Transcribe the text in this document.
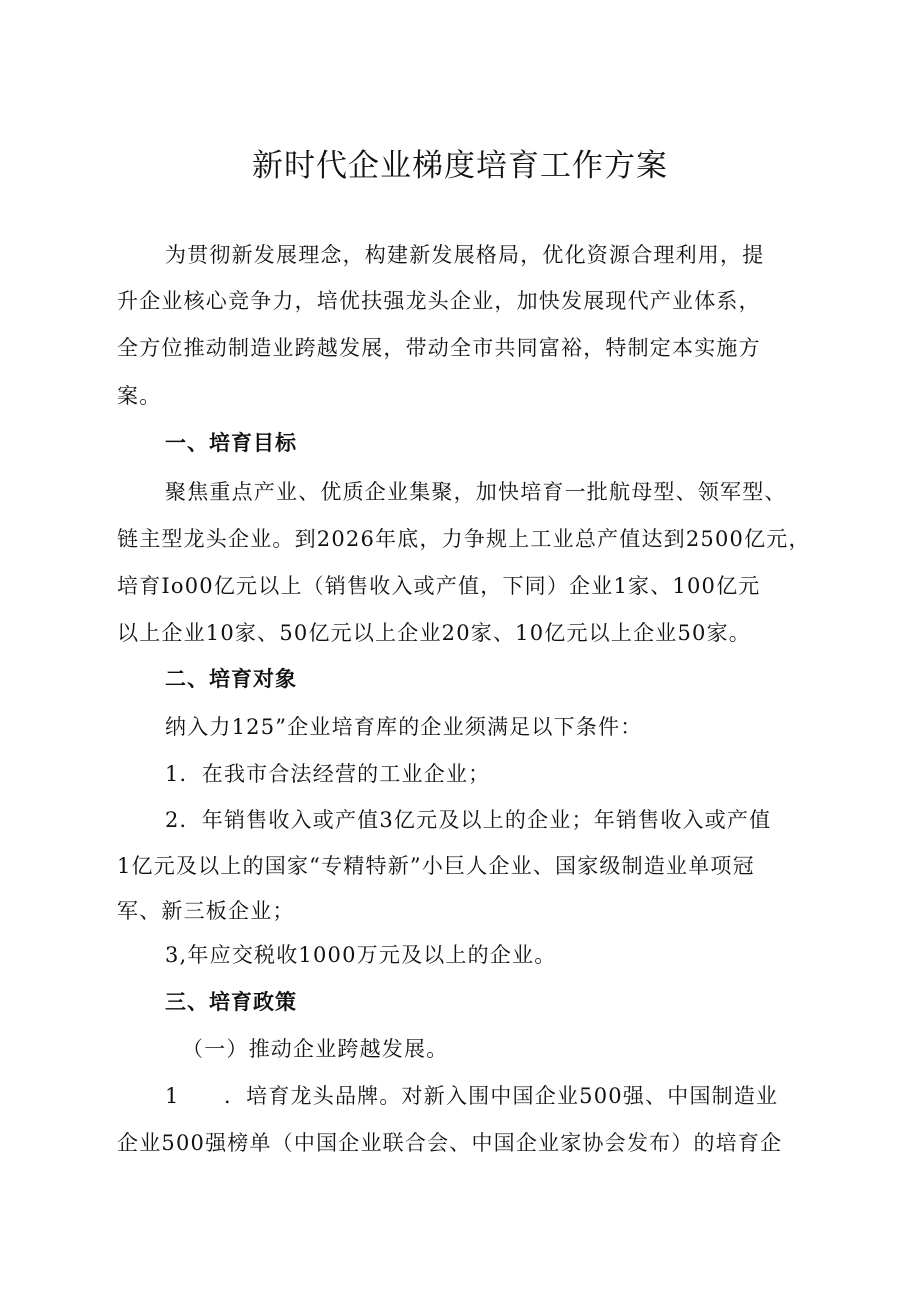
新时代企业梯度培育工作方案
为贯彻新发展理念，构建新发展格局，优化资源合理利用，提
升企业核心竞争力，培优扶强龙头企业，加快发展现代产业体系，
全方位推动制造业跨越发展，带动全市共同富裕，特制定本实施方
案。
一、培育目标
聚焦重点产业、优质企业集聚，加快培育一批航母型、领军型、
链主型龙头企业。到2026年底，力争规上工业总产值达到2500亿元，
培育Io00亿元以上（销售收入或产值，下同）企业1家、100亿元
以上企业10家、50亿元以上企业20家、10亿元以上企业50家。
二、培育对象
纳入力125”企业培育库的企业须满足以下条件：
1．在我市合法经营的工业企业；
2．年销售收入或产值3亿元及以上的企业；年销售收入或产值
1亿元及以上的国家“专精特新”小巨人企业、国家级制造业单项冠
军、新三板企业；
3,年应交税收1000万元及以上的企业。
三、培育政策
（一）推动企业跨越发展。
1　　．培育龙头品牌。对新入围中国企业500强、中国制造业
企业500强榜单（中国企业联合会、中国企业家协会发布）的培育企
